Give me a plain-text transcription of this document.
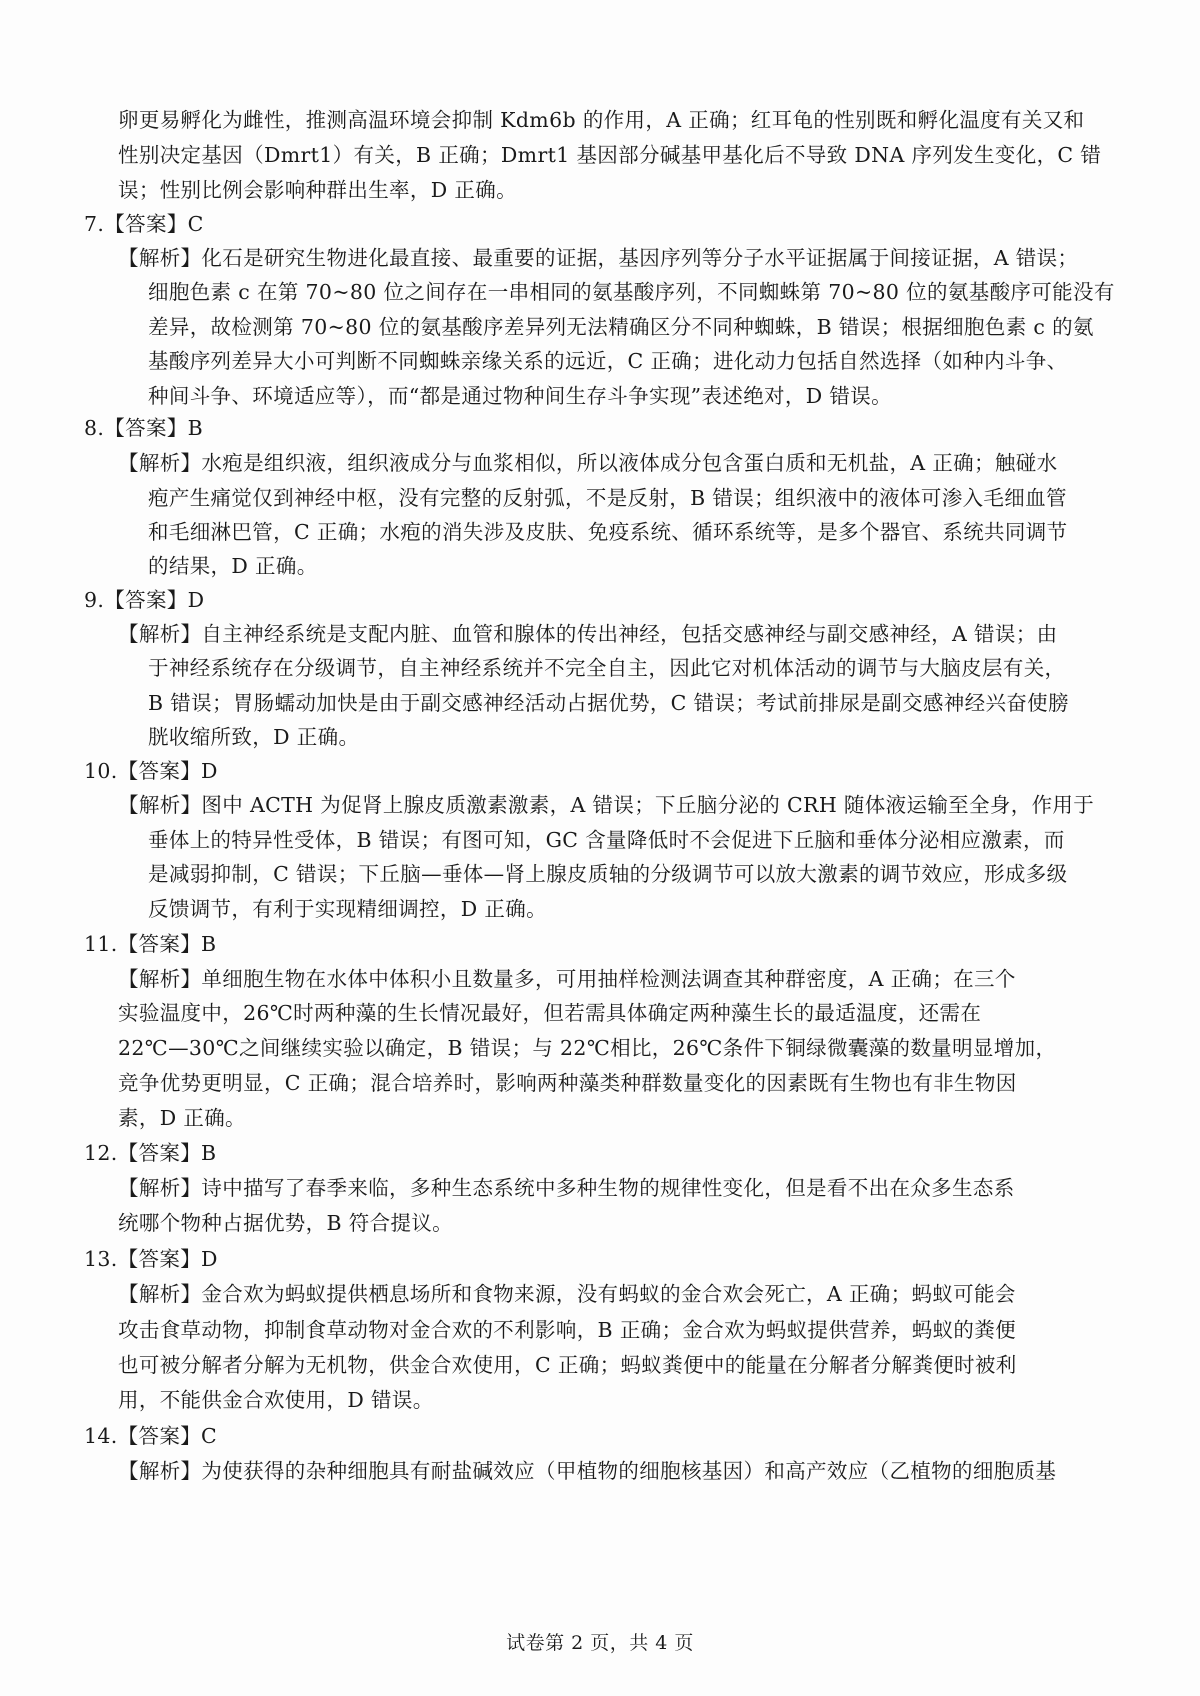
卵更易孵化为雌性，推测高温环境会抑制 Kdm6b 的作用，A 正确；红耳龟的性别既和孵化温度有关又和
性别决定基因（Dmrt1）有关，B 正确；Dmrt1 基因部分碱基甲基化后不导致 DNA 序列发生变化，C 错
误；性别比例会影响种群出生率，D 正确。
7.【答案】C
【解析】化石是研究生物进化最直接、最重要的证据，基因序列等分子水平证据属于间接证据，A 错误；
细胞色素 c 在第 70~80 位之间存在一串相同的氨基酸序列，不同蜘蛛第 70~80 位的氨基酸序可能没有
差异，故检测第 70~80 位的氨基酸序差异列无法精确区分不同种蜘蛛，B 错误；根据细胞色素 c 的氨
基酸序列差异大小可判断不同蜘蛛亲缘关系的远近，C 正确；进化动力包括自然选择（如种内斗争、
种间斗争、环境适应等），而“都是通过物种间生存斗争实现”表述绝对，D 错误。
8.【答案】B
【解析】水疱是组织液，组织液成分与血浆相似，所以液体成分包含蛋白质和无机盐，A 正确；触碰水
疱产生痛觉仅到神经中枢，没有完整的反射弧，不是反射，B 错误；组织液中的液体可渗入毛细血管
和毛细淋巴管，C 正确；水疱的消失涉及皮肤、免疫系统、循环系统等，是多个器官、系统共同调节
的结果，D 正确。
9.【答案】D
【解析】自主神经系统是支配内脏、血管和腺体的传出神经，包括交感神经与副交感神经，A 错误；由
于神经系统存在分级调节，自主神经系统并不完全自主，因此它对机体活动的调节与大脑皮层有关，
B 错误；胃肠蠕动加快是由于副交感神经活动占据优势，C 错误；考试前排尿是副交感神经兴奋使膀
胱收缩所致，D 正确。
10.【答案】D
【解析】图中 ACTH 为促肾上腺皮质激素激素，A 错误；下丘脑分泌的 CRH 随体液运输至全身，作用于
垂体上的特异性受体，B 错误；有图可知，GC 含量降低时不会促进下丘脑和垂体分泌相应激素，而
是减弱抑制，C 错误；下丘脑—垂体—肾上腺皮质轴的分级调节可以放大激素的调节效应，形成多级
反馈调节，有利于实现精细调控，D 正确。
11.【答案】B
【解析】单细胞生物在水体中体积小且数量多，可用抽样检测法调查其种群密度，A 正确；在三个
实验温度中，26℃时两种藻的生长情况最好，但若需具体确定两种藻生长的最适温度，还需在
22℃—30℃之间继续实验以确定，B 错误；与 22℃相比，26℃条件下铜绿微囊藻的数量明显增加，
竞争优势更明显，C 正确；混合培养时，影响两种藻类种群数量变化的因素既有生物也有非生物因
素，D 正确。
12.【答案】B
【解析】诗中描写了春季来临，多种生态系统中多种生物的规律性变化，但是看不出在众多生态系
统哪个物种占据优势，B 符合提议。
13.【答案】D
【解析】金合欢为蚂蚁提供栖息场所和食物来源，没有蚂蚁的金合欢会死亡，A 正确；蚂蚁可能会
攻击食草动物，抑制食草动物对金合欢的不利影响，B 正确；金合欢为蚂蚁提供营养，蚂蚁的粪便
也可被分解者分解为无机物，供金合欢使用，C 正确；蚂蚁粪便中的能量在分解者分解粪便时被利
用，不能供金合欢使用，D 错误。
14.【答案】C
【解析】为使获得的杂种细胞具有耐盐碱效应（甲植物的细胞核基因）和高产效应（乙植物的细胞质基
试卷第 2 页，共 4 页
